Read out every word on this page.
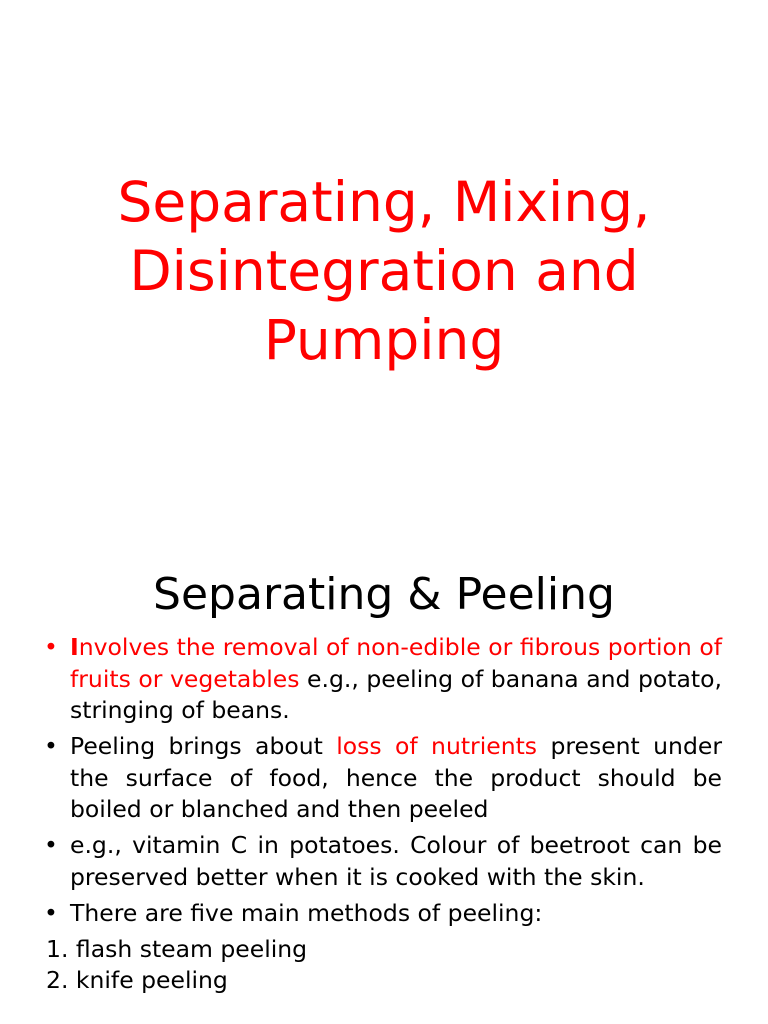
Separating, Mixing,
Disintegration and
Pumping
Separating & Peeling
• Involves the removal of non-edible or fibrous portion of fruits or vegetables e.g., peeling of banana and potato, stringing of beans.
• Peeling brings about loss of nutrients present under the surface of food, hence the product should be boiled or blanched and then peeled
• e.g., vitamin C in potatoes. Colour of beetroot can be preserved better when it is cooked with the skin.
• There are five main methods of peeling:
1. flash steam peeling
2. knife peeling
